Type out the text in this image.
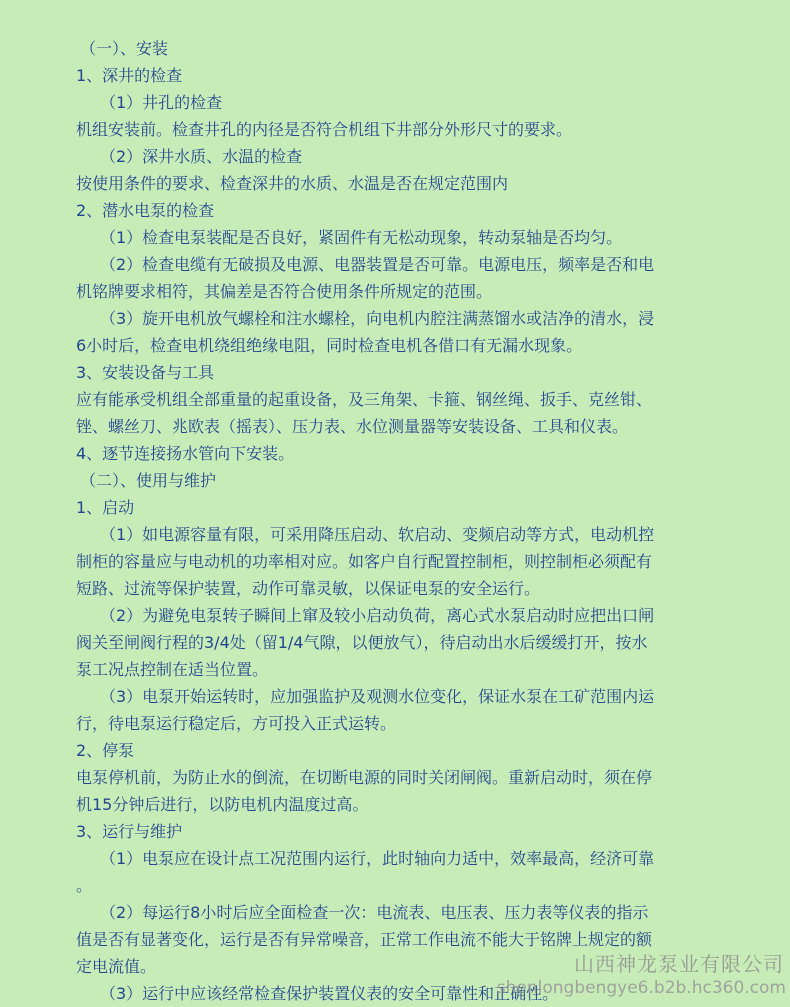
（一）、安装
1、深井的检查
（1）井孔的检查
机组安装前。检查井孔的内径是否符合机组下井部分外形尺寸的要求。
（2）深井水质、水温的检查
按使用条件的要求、检查深井的水质、水温是否在规定范围内
2、潜水电泵的检查
（1）检查电泵装配是否良好，紧固件有无松动现象，转动泵轴是否均匀。
（2）检查电缆有无破损及电源、电器装置是否可靠。电源电压，频率是否和电
机铭牌要求相符，其偏差是否符合使用条件所规定的范围。
（3）旋开电机放气螺栓和注水螺栓，向电机内腔注满蒸馏水或洁净的清水，浸
6小时后，检查电机绕组绝缘电阻，同时检查电机各借口有无漏水现象。
3、安装设备与工具
应有能承受机组全部重量的起重设备，及三角架、卡箍、钢丝绳、扳手、克丝钳、
锉、螺丝刀、兆欧表（摇表）、压力表、水位测量器等安装设备、工具和仪表。
4、逐节连接扬水管向下安装。
（二）、使用与维护
1、启动
（1）如电源容量有限，可采用降压启动、软启动、变频启动等方式，电动机控
制柜的容量应与电动机的功率相对应。如客户自行配置控制柜，则控制柜必须配有
短路、过流等保护装置，动作可靠灵敏，以保证电泵的安全运行。
（2）为避免电泵转子瞬间上窜及较小启动负荷，离心式水泵启动时应把出口闸
阀关至闸阀行程的3/4处（留1/4气隙，以便放气），待启动出水后缓缓打开，按水
泵工况点控制在适当位置。
（3）电泵开始运转时，应加强监护及观测水位变化，保证水泵在工矿范围内运
行，待电泵运行稳定后，方可投入正式运转。
2、停泵
电泵停机前，为防止水的倒流，在切断电源的同时关闭闸阀。重新启动时，须在停
机15分钟后进行，以防电机内温度过高。
3、运行与维护
（1）电泵应在设计点工况范围内运行，此时轴向力适中，效率最高，经济可靠
。
（2）每运行8小时后应全面检查一次：电流表、电压表、压力表等仪表的指示
值是否有显著变化，运行是否有异常噪音，正常工作电流不能大于铭牌上规定的额
定电流值。
（3）运行中应该经常检查保护装置仪表的安全可靠性和正确性。
山西神龙泵业有限公司
shenlongbengye6.b2b.hc360.com
